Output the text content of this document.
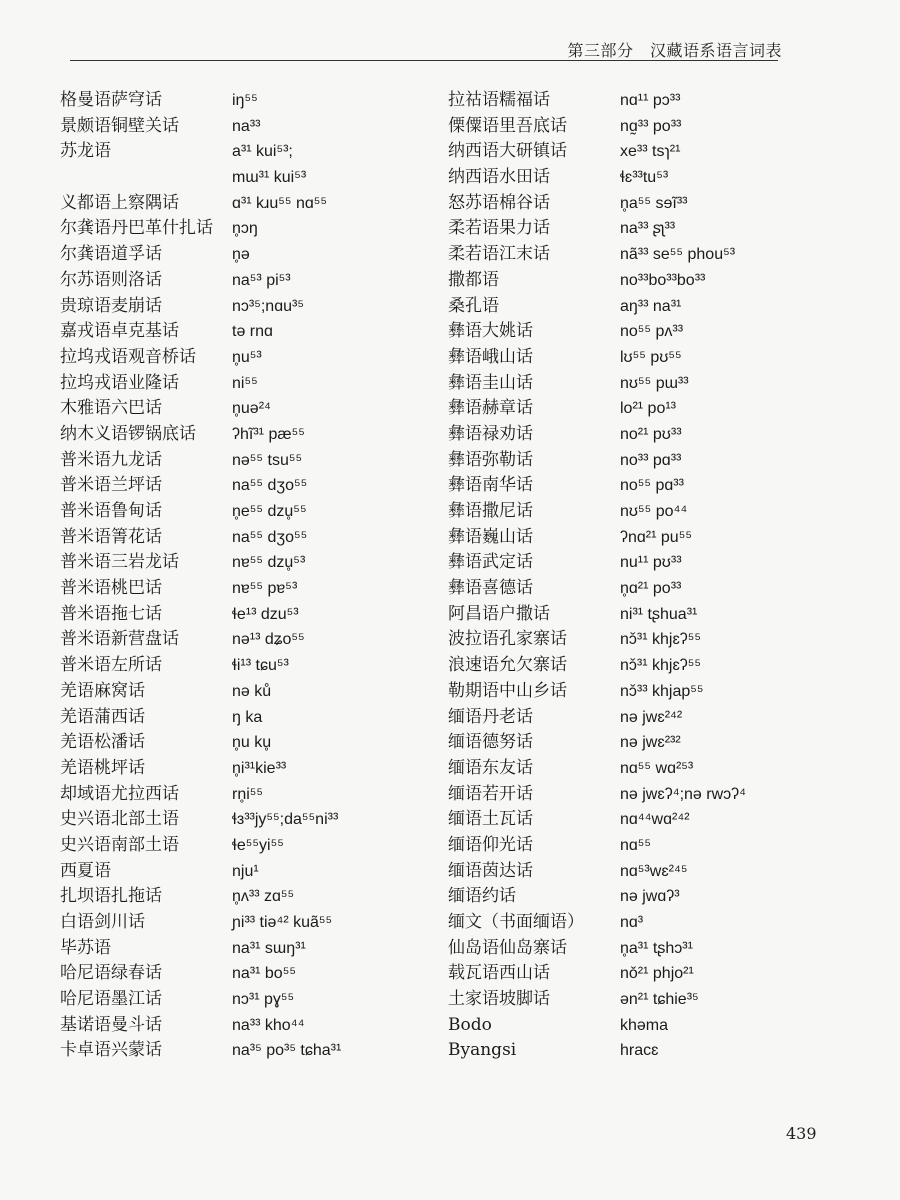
第三部分　汉藏语系语言词表
格曼语萨穹话	iŋ⁵⁵
景颇语铜壁关话	na³³
苏龙语	a³¹ kui⁵³;
mɯ³¹ kui⁵³
义都语上察隅话	ɑ³¹ kɹu⁵⁵ nɑ⁵⁵
尔龚语丹巴革什扎话	n̥ɔŋ
尔龚语道孚话	n̥ə
尔苏语则洛话	na⁵³ pi⁵³
贵琼语麦崩话	nɔ³⁵;nɑu³⁵
嘉戎语卓克基话	tə rnɑ
拉坞戎语观音桥话	n̥u⁵³
拉坞戎语业隆话	ni⁵⁵
木雅语六巴话	n̥uə²⁴
纳木义语锣锅底话	ʔhĩ³¹ pæ⁵⁵
普米语九龙话	nə⁵⁵ tsu⁵⁵
普米语兰坪话	na⁵⁵ dʒo⁵⁵
普米语鲁甸话	n̥e⁵⁵ dzu̥⁵⁵
普米语箐花话	na⁵⁵ dʒo⁵⁵
普米语三岩龙话	nɐ⁵⁵ dzu̥⁵³
普米语桃巴话	nɐ⁵⁵ pɐ⁵³
普米语拖七话	ɬe¹³ dzu⁵³
普米语新营盘话	nə¹³ dʑo⁵⁵
普米语左所话	ɬi¹³ tɕu⁵³
羌语麻窝话	nə ků
羌语蒲西话	ŋ ka
羌语松潘话	n̥u ku̥
羌语桃坪话	n̥i³¹kie³³
却域语尤拉西话	rn̥i⁵⁵
史兴语北部土语	ɬɜ³³jy⁵⁵;da⁵⁵ni³³
史兴语南部土语	ɬe⁵⁵yi⁵⁵
西夏语	nju¹
扎坝语扎拖话	n̥ʌ³³ zɑ⁵⁵
白语剑川话	ɲi³³ tiə⁴² kuã⁵⁵
毕苏语	na³¹ sɯŋ³¹
哈尼语绿春话	na³¹ bo⁵⁵
哈尼语墨江话	nɔ³¹ pɣ⁵⁵
基诺语曼斗话	na³³ kho⁴⁴
卡卓语兴蒙话	na³⁵ po³⁵ tɕha³¹
拉祜语糯福话	nɑ¹¹ pɔ³³
傈僳语里吾底话	nɑ̰³³ po³³
纳西语大研镇话	xe³³ tsɿ²¹
纳西语水田话	ɬɛ³³tu⁵³
怒苏语棉谷话	n̥a⁵⁵ sɘĩ³³
柔若语果力话	na³³ ʂʅ³³
柔若语江末话	nã³³ se⁵⁵ phou⁵³
撒都语	no³³bo³³bo³³
桑孔语	aŋ³³ na³¹
彝语大姚话	no⁵⁵ pʌ³³
彝语峨山话	lʊ⁵⁵ pʊ⁵⁵
彝语圭山话	nʊ⁵⁵ pɯ³³
彝语赫章话	lo²¹ po¹³
彝语禄劝话	no²¹ pʊ³³
彝语弥勒话	no³³ pɑ³³
彝语南华话	no⁵⁵ pɑ³³
彝语撒尼话	nʊ⁵⁵ po⁴⁴
彝语巍山话	ʔnɑ²¹ pu⁵⁵
彝语武定话	nu¹¹ pʊ³³
彝语喜德话	n̥ɑ²¹ po³³
阿昌语户撒话	ni³¹ tʂhua³¹
波拉语孔家寨话	nɔ̌³¹ khjɛʔ⁵⁵
浪速语允欠寨话	nɔ̌³¹ khjɛʔ⁵⁵
勒期语中山乡话	nɔ̌³³ khjap⁵⁵
缅语丹老话	nə jwɛ²⁴²
缅语德努话	nə jwɛ²³²
缅语东友话	nɑ⁵⁵ wɑ²⁵³
缅语若开话	nə jwɛʔ⁴;nə rwɔʔ⁴
缅语土瓦话	nɑ⁴⁴wɑ²⁴²
缅语仰光话	nɑ⁵⁵
缅语茵达话	nɑ⁵³wɛ²⁴⁵
缅语约话	nə jwɑʔ³
缅文（书面缅语）	nɑ³
仙岛语仙岛寨话	n̥a³¹ tʂhɔ³¹
载瓦语西山话	nǒ²¹ phjo²¹
土家语坡脚话	ən²¹ tɕhie³⁵
Bodo	khəma
Byangsi	hracɛ
439
